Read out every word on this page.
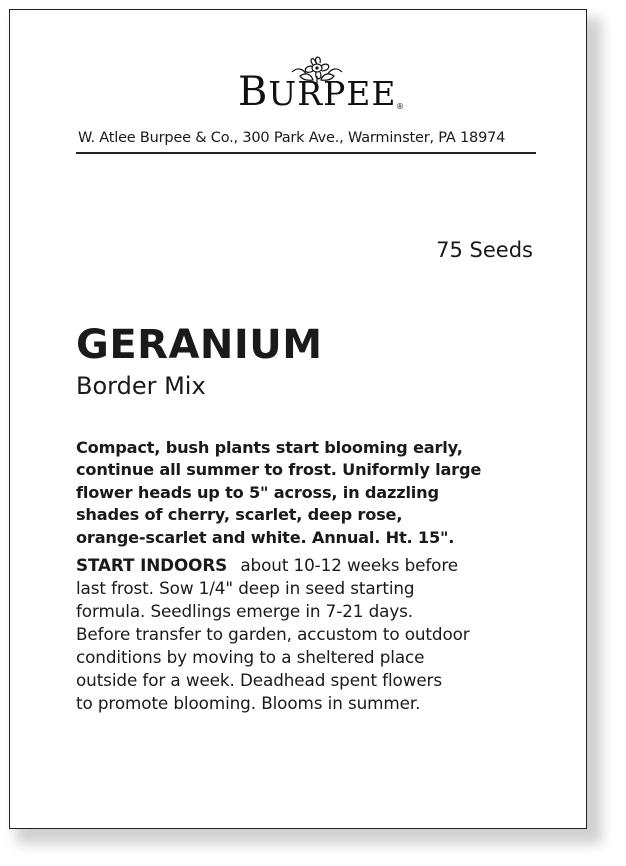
BURPEE ®
W. Atlee Burpee & Co., 300 Park Ave., Warminster, PA 18974
75 Seeds
GERANIUM
Border Mix
Compact, bush plants start blooming early,
continue all summer to frost. Uniformly large
flower heads up to 5" across, in dazzling
shades of cherry, scarlet, deep rose,
orange-scarlet and white. Annual. Ht. 15".
START INDOORS about 10-12 weeks before
last frost. Sow 1/4" deep in seed starting
formula. Seedlings emerge in 7-21 days.
Before transfer to garden, accustom to outdoor
conditions by moving to a sheltered place
outside for a week. Deadhead spent flowers
to promote blooming. Blooms in summer.
